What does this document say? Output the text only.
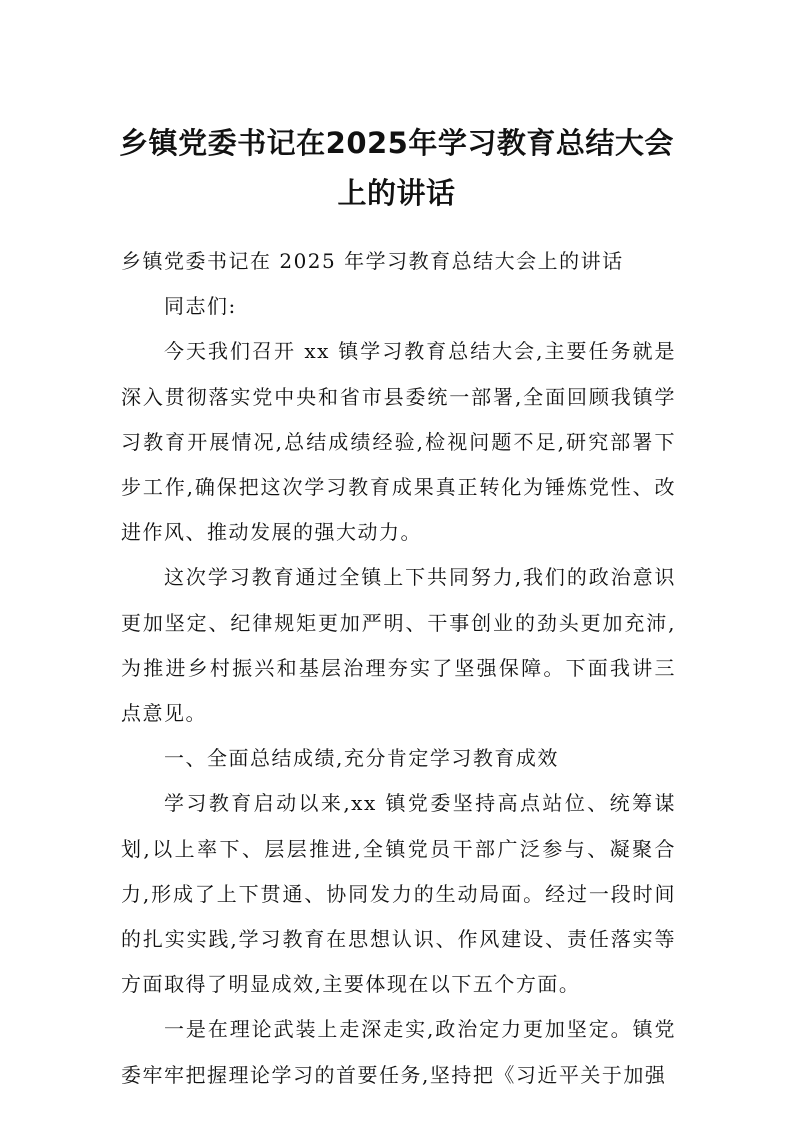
乡镇党委书记在2025年学习教育总结大会
上的讲话

乡镇党委书记在 2025 年学习教育总结大会上的讲话

同志们:

今天我们召开 xx 镇学习教育总结大会,主要任务就是深入贯彻落实党中央和省市县委统一部署,全面回顾我镇学习教育开展情况,总结成绩经验,检视问题不足,研究部署下步工作,确保把这次学习教育成果真正转化为锤炼党性、改进作风、推动发展的强大动力。

这次学习教育通过全镇上下共同努力,我们的政治意识更加坚定、纪律规矩更加严明、干事创业的劲头更加充沛,为推进乡村振兴和基层治理夯实了坚强保障。下面我讲三点意见。

一、全面总结成绩,充分肯定学习教育成效

学习教育启动以来,xx 镇党委坚持高点站位、统筹谋划,以上率下、层层推进,全镇党员干部广泛参与、凝聚合力,形成了上下贯通、协同发力的生动局面。经过一段时间的扎实实践,学习教育在思想认识、作风建设、责任落实等方面取得了明显成效,主要体现在以下五个方面。

一是在理论武装上走深走实,政治定力更加坚定。镇党委牢牢把握理论学习的首要任务,坚持把《习近平关于加强
